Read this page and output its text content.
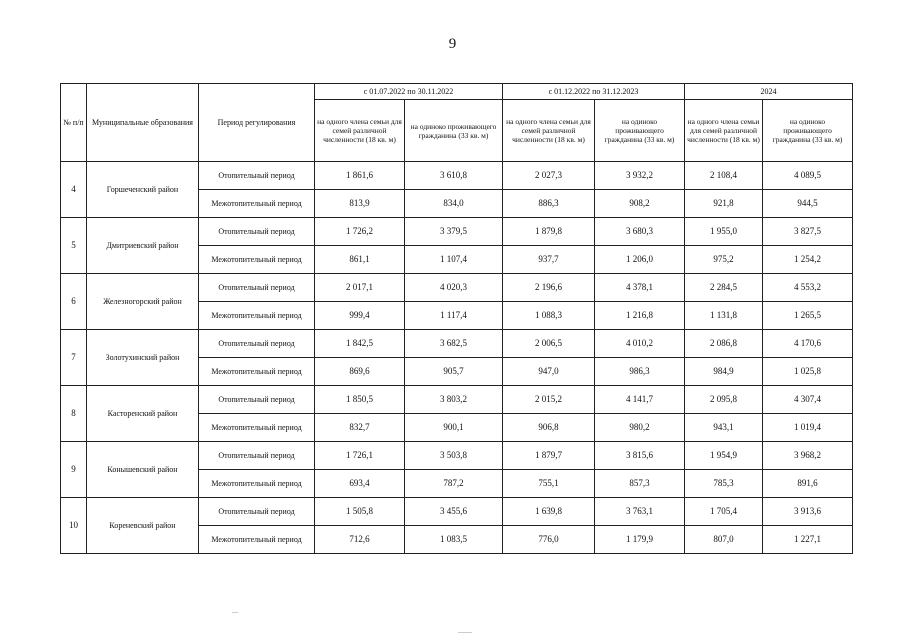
9
№ п/п	Муниципальные образования	Период регулирования	с 01.07.2022 по 30.11.2022		с 01.12.2022 по 31.12.2023		2024	
			на одного члена семьи для семей различной численности (18 кв. м)	на одиноко проживающего гражданина (33 кв. м)	на одного члена семьи для семей различной численности (18 кв. м)	на одиноко проживающего гражданина (33 кв. м)	на одного члена семьи для семей различной численности (18 кв. м)	на одиноко проживающего гражданина (33 кв. м)
4	Горшеченский район	Отопительный период	1 861,6	3 610,8	2 027,3	3 932,2	2 108,4	4 089,5
		Межотопительный период	813,9	834,0	886,3	908,2	921,8	944,5
5	Дмитриевский район	Отопительный период	1 726,2	3 379,5	1 879,8	3 680,3	1 955,0	3 827,5
		Межотопительный период	861,1	1 107,4	937,7	1 206,0	975,2	1 254,2
6	Железногорский район	Отопительный период	2 017,1	4 020,3	2 196,6	4 378,1	2 284,5	4 553,2
		Межотопительный период	999,4	1 117,4	1 088,3	1 216,8	1 131,8	1 265,5
7	Золотухинский район	Отопительный период	1 842,5	3 682,5	2 006,5	4 010,2	2 086,8	4 170,6
		Межотопительный период	869,6	905,7	947,0	986,3	984,9	1 025,8
8	Касторенский район	Отопительный период	1 850,5	3 803,2	2 015,2	4 141,7	2 095,8	4 307,4
		Межотопительный период	832,7	900,1	906,8	980,2	943,1	1 019,4
9	Конышевский район	Отопительный период	1 726,1	3 503,8	1 879,7	3 815,6	1 954,9	3 968,2
		Межотопительный период	693,4	787,2	755,1	857,3	785,3	891,6
10	Кореневский район	Отопительный период	1 505,8	3 455,6	1 639,8	3 763,1	1 705,4	3 913,6
		Межотопительный период	712,6	1 083,5	776,0	1 179,9	807,0	1 227,1
